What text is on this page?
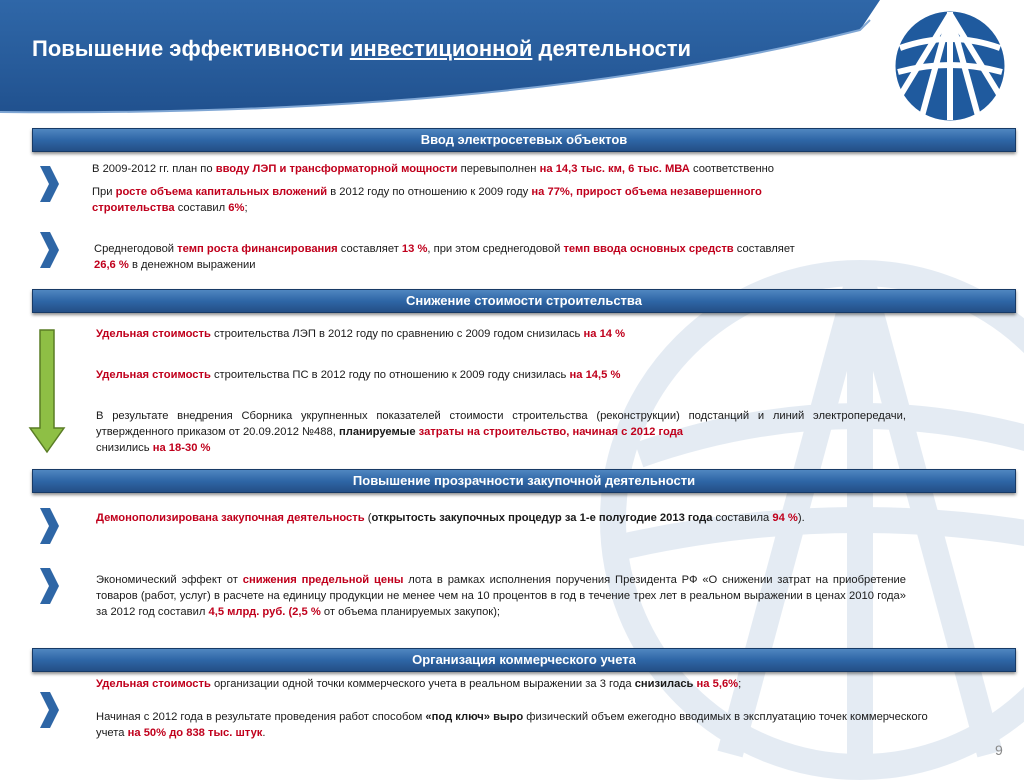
Повышение эффективности инвестиционной деятельности
Ввод электросетевых объектов
В 2009-2012 гг. план по вводу ЛЭП и трансформаторной мощности перевыполнен на 14,3 тыс. км, 6 тыс. МВА соответственно
При росте объема капитальных вложений в 2012 году по отношению к 2009 году на 77%, прирост объема незавершенного
строительства составил 6%;
Среднегодовой темп роста финансирования составляет 13 %, при этом среднегодовой темп ввода основных средств составляет
26,6 % в денежном выражении
Снижение стоимости строительства
Удельная стоимость строительства ЛЭП в 2012 году по сравнению с 2009 годом снизилась на 14 %
Удельная стоимость строительства ПС в 2012 году по отношению к 2009 году снизилась на 14,5 %
В результате внедрения Сборника укрупненных показателей стоимости строительства (реконструкции) подстанций и линий электропередачи, утвержденного приказом от 20.09.2012 №488, планируемые затраты на строительство, начиная с 2012 года
снизились на 18-30 %
Повышение прозрачности закупочной деятельности
Демонополизирована закупочная деятельность (открытость закупочных процедур за 1-е полугодие 2013 года составила 94 %).
Экономический эффект от снижения предельной цены лота в рамках исполнения поручения Президента РФ «О снижении затрат на приобретение товаров (работ, услуг) в расчете на единицу продукции не менее чем на 10 процентов в год в течение трех лет в реальном выражении в ценах 2010 года» за 2012 год составил 4,5 млрд. руб. (2,5 % от объема планируемых закупок);
Организация коммерческого учета
Удельная стоимость организации одной точки коммерческого учета в реальном выражении за 3 года снизилась на 5,6%;
Начиная с 2012 года в результате проведения работ способом «под ключ» выро физический объем ежегодно вводимых в эксплуатацию точек коммерческого учета на 50% до 838 тыс. штук.
9
